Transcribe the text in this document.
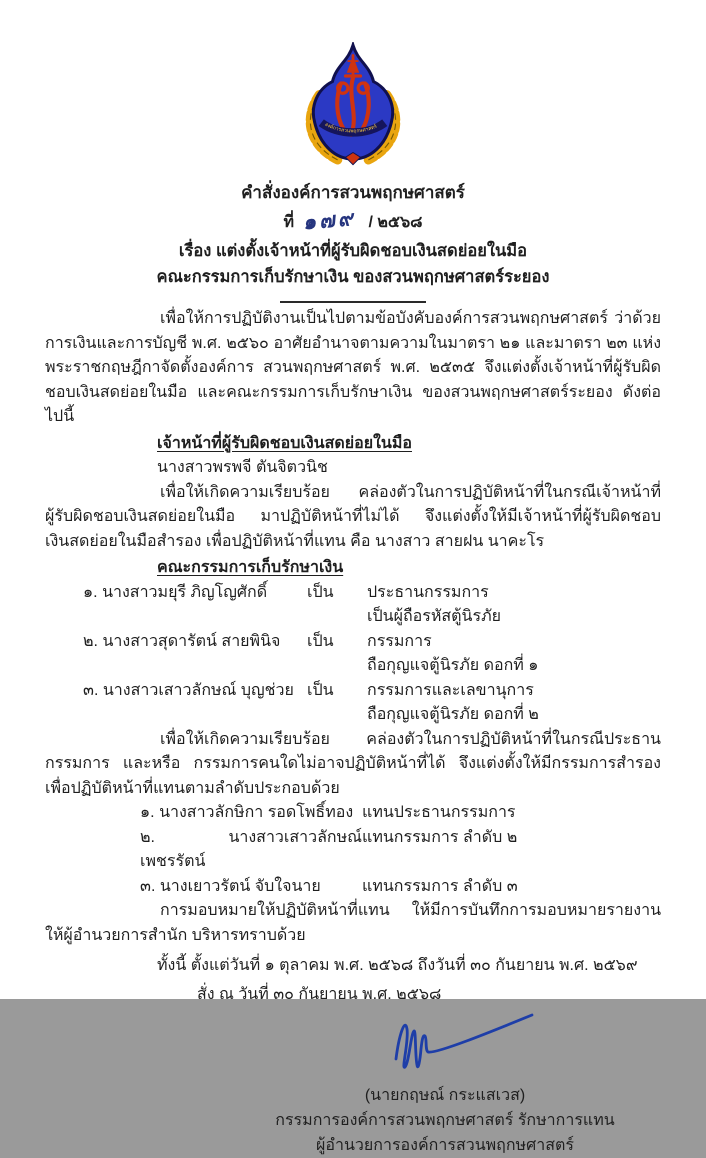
องค์การสวนพฤกษศาสตร์
คำสั่งองค์การสวนพฤกษศาสตร์
ที่ ๑๗๙ / ๒๕๖๘
เรื่อง แต่งตั้งเจ้าหน้าที่ผู้รับผิดชอบเงินสดย่อยในมือ
คณะกรรมการเก็บรักษาเงิน ของสวนพฤกษศาสตร์ระยอง

เพื่อให้การปฏิบัติงานเป็นไปตามข้อบังคับองค์การสวนพฤกษศาสตร์ ว่าด้วย การเงินและการบัญชี พ.ศ. ๒๕๖๐ อาศัยอำนาจตามความในมาตรา ๒๑ และมาตรา ๒๓ แห่งพระราชกฤษฎีกาจัดตั้งองค์การ สวนพฤกษศาสตร์ พ.ศ. ๒๕๓๕ จึงแต่งตั้งเจ้าหน้าที่ผู้รับผิดชอบเงินสดย่อยในมือ และคณะกรรมการเก็บรักษาเงิน ของสวนพฤกษศาสตร์ระยอง ดังต่อไปนี้

เจ้าหน้าที่ผู้รับผิดชอบเงินสดย่อยในมือ

นางสาวพรพจี ตันจิตวนิช

เพื่อให้เกิดความเรียบร้อย คล่องตัวในการปฏิบัติหน้าที่ในกรณีเจ้าหน้าที่ผู้รับผิดชอบเงินสดย่อยในมือ มาปฏิบัติหน้าที่ไม่ได้ จึงแต่งตั้งให้มีเจ้าหน้าที่ผู้รับผิดชอบเงินสดย่อยในมือสำรอง เพื่อปฏิบัติหน้าที่แทน คือ นางสาว สายฝน นาคะโร

คณะกรรมการเก็บรักษาเงิน

๑. นางสาวมยุรี ภิญโญศักดิ์	เป็น	ประธานกรรมการ
เป็นผู้ถือรหัสตู้นิรภัย
๒. นางสาวสุดารัตน์ สายพินิจ	เป็น	กรรมการ
ถือกุญแจตู้นิรภัย ดอกที่ ๑
๓. นางสาวเสาวลักษณ์ บุญช่วย เป็น	กรรมการและเลขานุการ
ถือกุญแจตู้นิรภัย ดอกที่ ๒

เพื่อให้เกิดความเรียบร้อย คล่องตัวในการปฏิบัติหน้าที่ในกรณีประธานกรรมการ และหรือ กรรมการคนใดไม่อาจปฏิบัติหน้าที่ได้ จึงแต่งตั้งให้มีกรรมการสำรอง เพื่อปฏิบัติหน้าที่แทนตามลำดับประกอบด้วย

๑. นางสาวลักษิกา รอดโพธิ์ทอง แทนประธานกรรมการ
๒.	นางสาวเสาวลักษณ์ เพชรรัตน์
แทนกรรมการ ลำดับ ๒
๓. นางเยาวรัตน์ จับใจนาย	แทนกรรมการ ลำดับ ๓

การมอบหมายให้ปฏิบัติหน้าที่แทน ให้มีการบันทึกการมอบหมายรายงานให้ผู้อำนวยการสำนัก บริหารทราบด้วย

ทั้งนี้ ตั้งแต่วันที่ ๑ ตุลาคม พ.ศ. ๒๕๖๘ ถึงวันที่ ๓๐ กันยายน พ.ศ. ๒๕๖๙

สั่ง ณ วันที่ ๓๐ กันยายน พ.ศ. ๒๕๖๘

(นายกฤษณ์ กระแสเวส)
กรรมการองค์การสวนพฤกษศาสตร์ รักษาการแทน
ผู้อำนวยการองค์การสวนพฤกษศาสตร์
